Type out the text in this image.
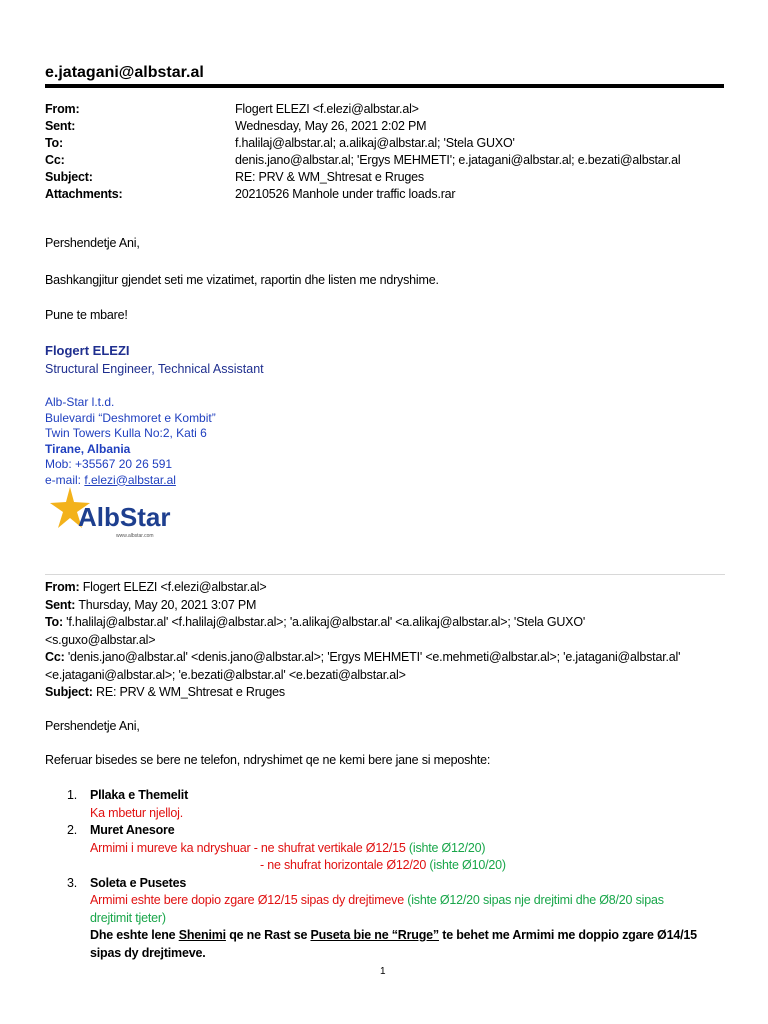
e.jatagani@albstar.al
From:	Flogert ELEZI <f.elezi@albstar.al>
Sent:	Wednesday, May 26, 2021 2:02 PM
To:	f.halilaj@albstar.al; a.alikaj@albstar.al; 'Stela GUXO'
Cc:	denis.jano@albstar.al; 'Ergys MEHMETI'; e.jatagani@albstar.al; e.bezati@albstar.al
Subject:	RE: PRV & WM_Shtresat e Rruges
Attachments:	20210526 Manhole under traffic loads.rar
Pershendetje Ani,
Bashkangjitur gjendet seti me vizatimet, raportin dhe listen me ndryshime.
Pune te mbare!
Flogert ELEZI
Structural Engineer, Technical Assistant
Alb-Star l.t.d.
Bulevardi “Deshmoret e Kombit”
Twin Towers Kulla No:2, Kati 6
Tirane, Albania
Mob: +35567 20 26 591
e-mail: f.elezi@albstar.al
AlbStar
www.albstar.com
From: Flogert ELEZI <f.elezi@albstar.al>
Sent: Thursday, May 20, 2021 3:07 PM
To: 'f.halilaj@albstar.al' <f.halilaj@albstar.al>; 'a.alikaj@albstar.al' <a.alikaj@albstar.al>; 'Stela GUXO'
<s.guxo@albstar.al>
Cc: 'denis.jano@albstar.al' <denis.jano@albstar.al>; 'Ergys MEHMETI' <e.mehmeti@albstar.al>; 'e.jatagani@albstar.al'
<e.jatagani@albstar.al>; 'e.bezati@albstar.al' <e.bezati@albstar.al>
Subject: RE: PRV & WM_Shtresat e Rruges
Pershendetje Ani,
Referuar bisedes se bere ne telefon, ndryshimet qe ne kemi bere jane si meposhte:
1.	Pllaka e Themelit
Ka mbetur njelloj.
2.	Muret Anesore
Armimi i mureve ka ndryshuar - ne shufrat vertikale Ø12/15 (ishte Ø12/20)
- ne shufrat horizontale Ø12/20 (ishte Ø10/20)
3.	Soleta e Pusetes
Armimi eshte bere dopio zgare Ø12/15 sipas dy drejtimeve (ishte Ø12/20 sipas nje drejtimi dhe Ø8/20 sipas
drejtimit tjeter)
Dhe eshte lene Shenimi qe ne Rast se Puseta bie ne “Rruge” te behet me Armimi me doppio zgare Ø14/15
sipas dy drejtimeve.
1
